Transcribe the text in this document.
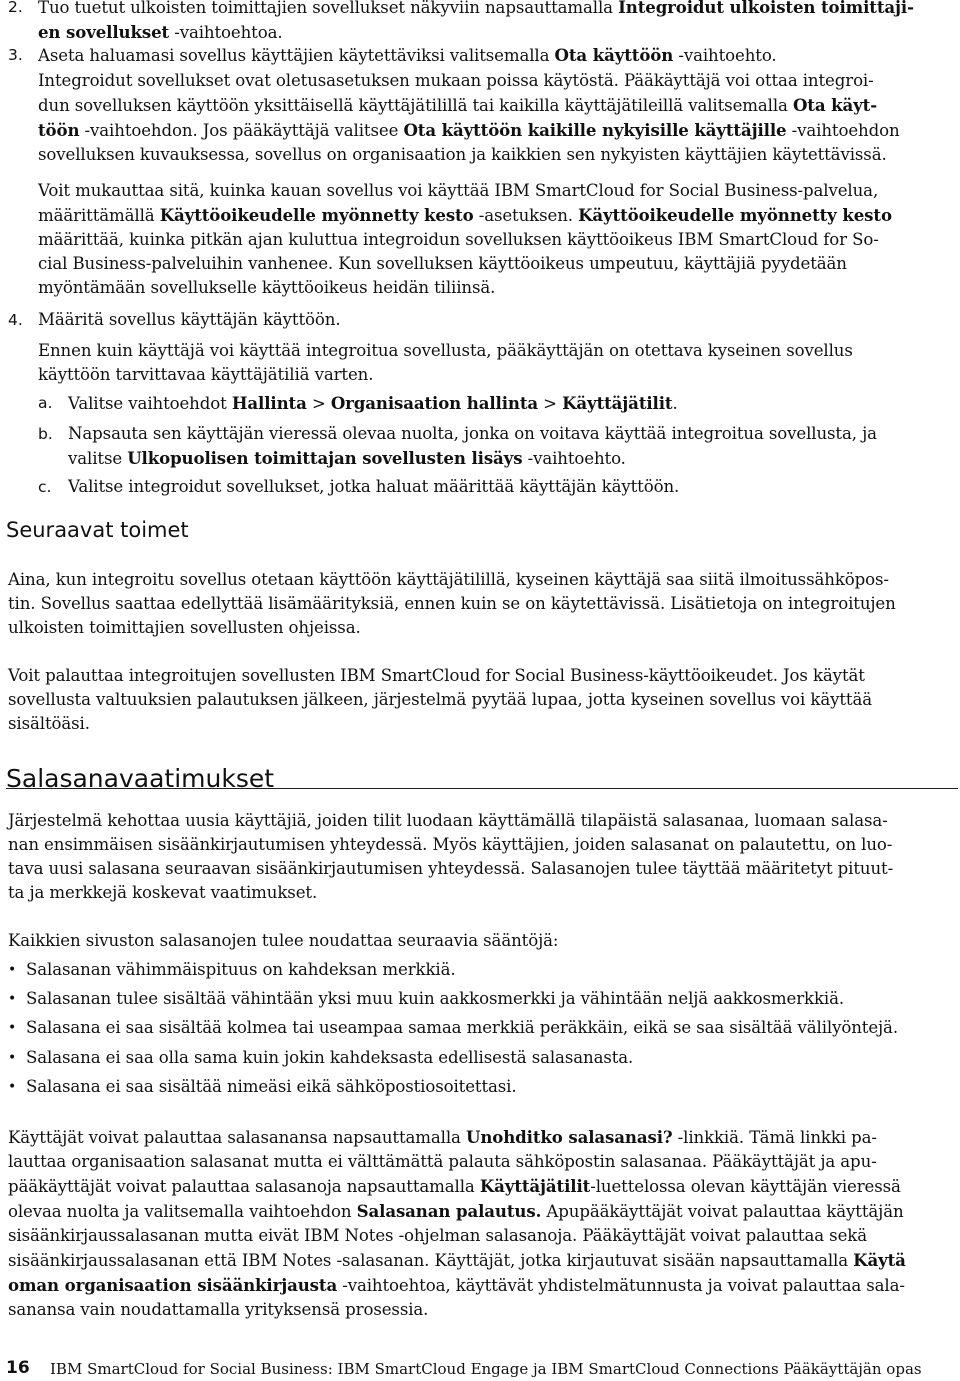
2. Tuo tuetut ulkoisten toimittajien sovellukset näkyviin napsauttamalla Integroidut ulkoisten toimittaji-
en sovellukset -vaihtoehtoa.

3. Aseta haluamasi sovellus käyttäjien käytettäviksi valitsemalla Ota käyttöön -vaihtoehto.

Integroidut sovellukset ovat oletusasetuksen mukaan poissa käytöstä. Pääkäyttäjä voi ottaa integroi-
dun sovelluksen käyttöön yksittäisellä käyttäjätilillä tai kaikilla käyttäjätileillä valitsemalla Ota käyt-
töön -vaihtoehdon. Jos pääkäyttäjä valitsee Ota käyttöön kaikille nykyisille käyttäjille -vaihtoehdon
sovelluksen kuvauksessa, sovellus on organisaation ja kaikkien sen nykyisten käyttäjien käytettävissä.

Voit mukauttaa sitä, kuinka kauan sovellus voi käyttää IBM SmartCloud for Social Business-palvelua,
määrittämällä Käyttöoikeudelle myönnetty kesto -asetuksen. Käyttöoikeudelle myönnetty kesto
määrittää, kuinka pitkän ajan kuluttua integroidun sovelluksen käyttöoikeus IBM SmartCloud for So-
cial Business-palveluihin vanhenee. Kun sovelluksen käyttöoikeus umpeutuu, käyttäjiä pyydetään
myöntämään sovellukselle käyttöoikeus heidän tiliinsä.

4. Määritä sovellus käyttäjän käyttöön.

Ennen kuin käyttäjä voi käyttää integroitua sovellusta, pääkäyttäjän on otettava kyseinen sovellus
käyttöön tarvittavaa käyttäjätiliä varten.

a. Valitse vaihtoehdot Hallinta > Organisaation hallinta > Käyttäjätilit.

b. Napsauta sen käyttäjän vieressä olevaa nuolta, jonka on voitava käyttää integroitua sovellusta, ja
valitse Ulkopuolisen toimittajan sovellusten lisäys -vaihtoehto.

c. Valitse integroidut sovellukset, jotka haluat määrittää käyttäjän käyttöön.

Seuraavat toimet

Aina, kun integroitu sovellus otetaan käyttöön käyttäjätilillä, kyseinen käyttäjä saa siitä ilmoitussähköpos-
tin. Sovellus saattaa edellyttää lisämäärityksiä, ennen kuin se on käytettävissä. Lisätietoja on integroitujen
ulkoisten toimittajien sovellusten ohjeissa.

Voit palauttaa integroitujen sovellusten IBM SmartCloud for Social Business-käyttöoikeudet. Jos käytät
sovellusta valtuuksien palautuksen jälkeen, järjestelmä pyytää lupaa, jotta kyseinen sovellus voi käyttää
sisältöäsi.

Salasanavaatimukset

Järjestelmä kehottaa uusia käyttäjiä, joiden tilit luodaan käyttämällä tilapäistä salasanaa, luomaan salasa-
nan ensimmäisen sisäänkirjautumisen yhteydessä. Myös käyttäjien, joiden salasanat on palautettu, on luo-
tava uusi salasana seuraavan sisäänkirjautumisen yhteydessä. Salasanojen tulee täyttää määritetyt pituut-
ta ja merkkejä koskevat vaatimukset.

Kaikkien sivuston salasanojen tulee noudattaa seuraavia sääntöjä:

• Salasanan vähimmäispituus on kahdeksan merkkiä.

• Salasanan tulee sisältää vähintään yksi muu kuin aakkosmerkki ja vähintään neljä aakkosmerkkiä.

• Salasana ei saa sisältää kolmea tai useampaa samaa merkkiä peräkkäin, eikä se saa sisältää välilyöntejä.

• Salasana ei saa olla sama kuin jokin kahdeksasta edellisestä salasanasta.

• Salasana ei saa sisältää nimeäsi eikä sähköpostiosoitettasi.

Käyttäjät voivat palauttaa salasanansa napsauttamalla Unohditko salasanasi? -linkkiä. Tämä linkki pa-
lauttaa organisaation salasanat mutta ei välttämättä palauta sähköpostin salasanaa. Pääkäyttäjät ja apu-
pääkäyttäjät voivat palauttaa salasanoja napsauttamalla Käyttäjätilit-luettelossa olevan käyttäjän vieressä
olevaa nuolta ja valitsemalla vaihtoehdon Salasanan palautus. Apupääkäyttäjät voivat palauttaa käyttäjän
sisäänkirjaussalasanan mutta eivät IBM Notes -ohjelman salasanoja. Pääkäyttäjät voivat palauttaa sekä
sisäänkirjaussalasanan että IBM Notes -salasanan. Käyttäjät, jotka kirjautuvat sisään napsauttamalla Käytä
oman organisaation sisäänkirjausta -vaihtoehtoa, käyttävät yhdistelmätunnusta ja voivat palauttaa sala-
sanansa vain noudattamalla yrityksensä prosessia.

16 IBM SmartCloud for Social Business: IBM SmartCloud Engage ja IBM SmartCloud Connections Pääkäyttäjän opas
